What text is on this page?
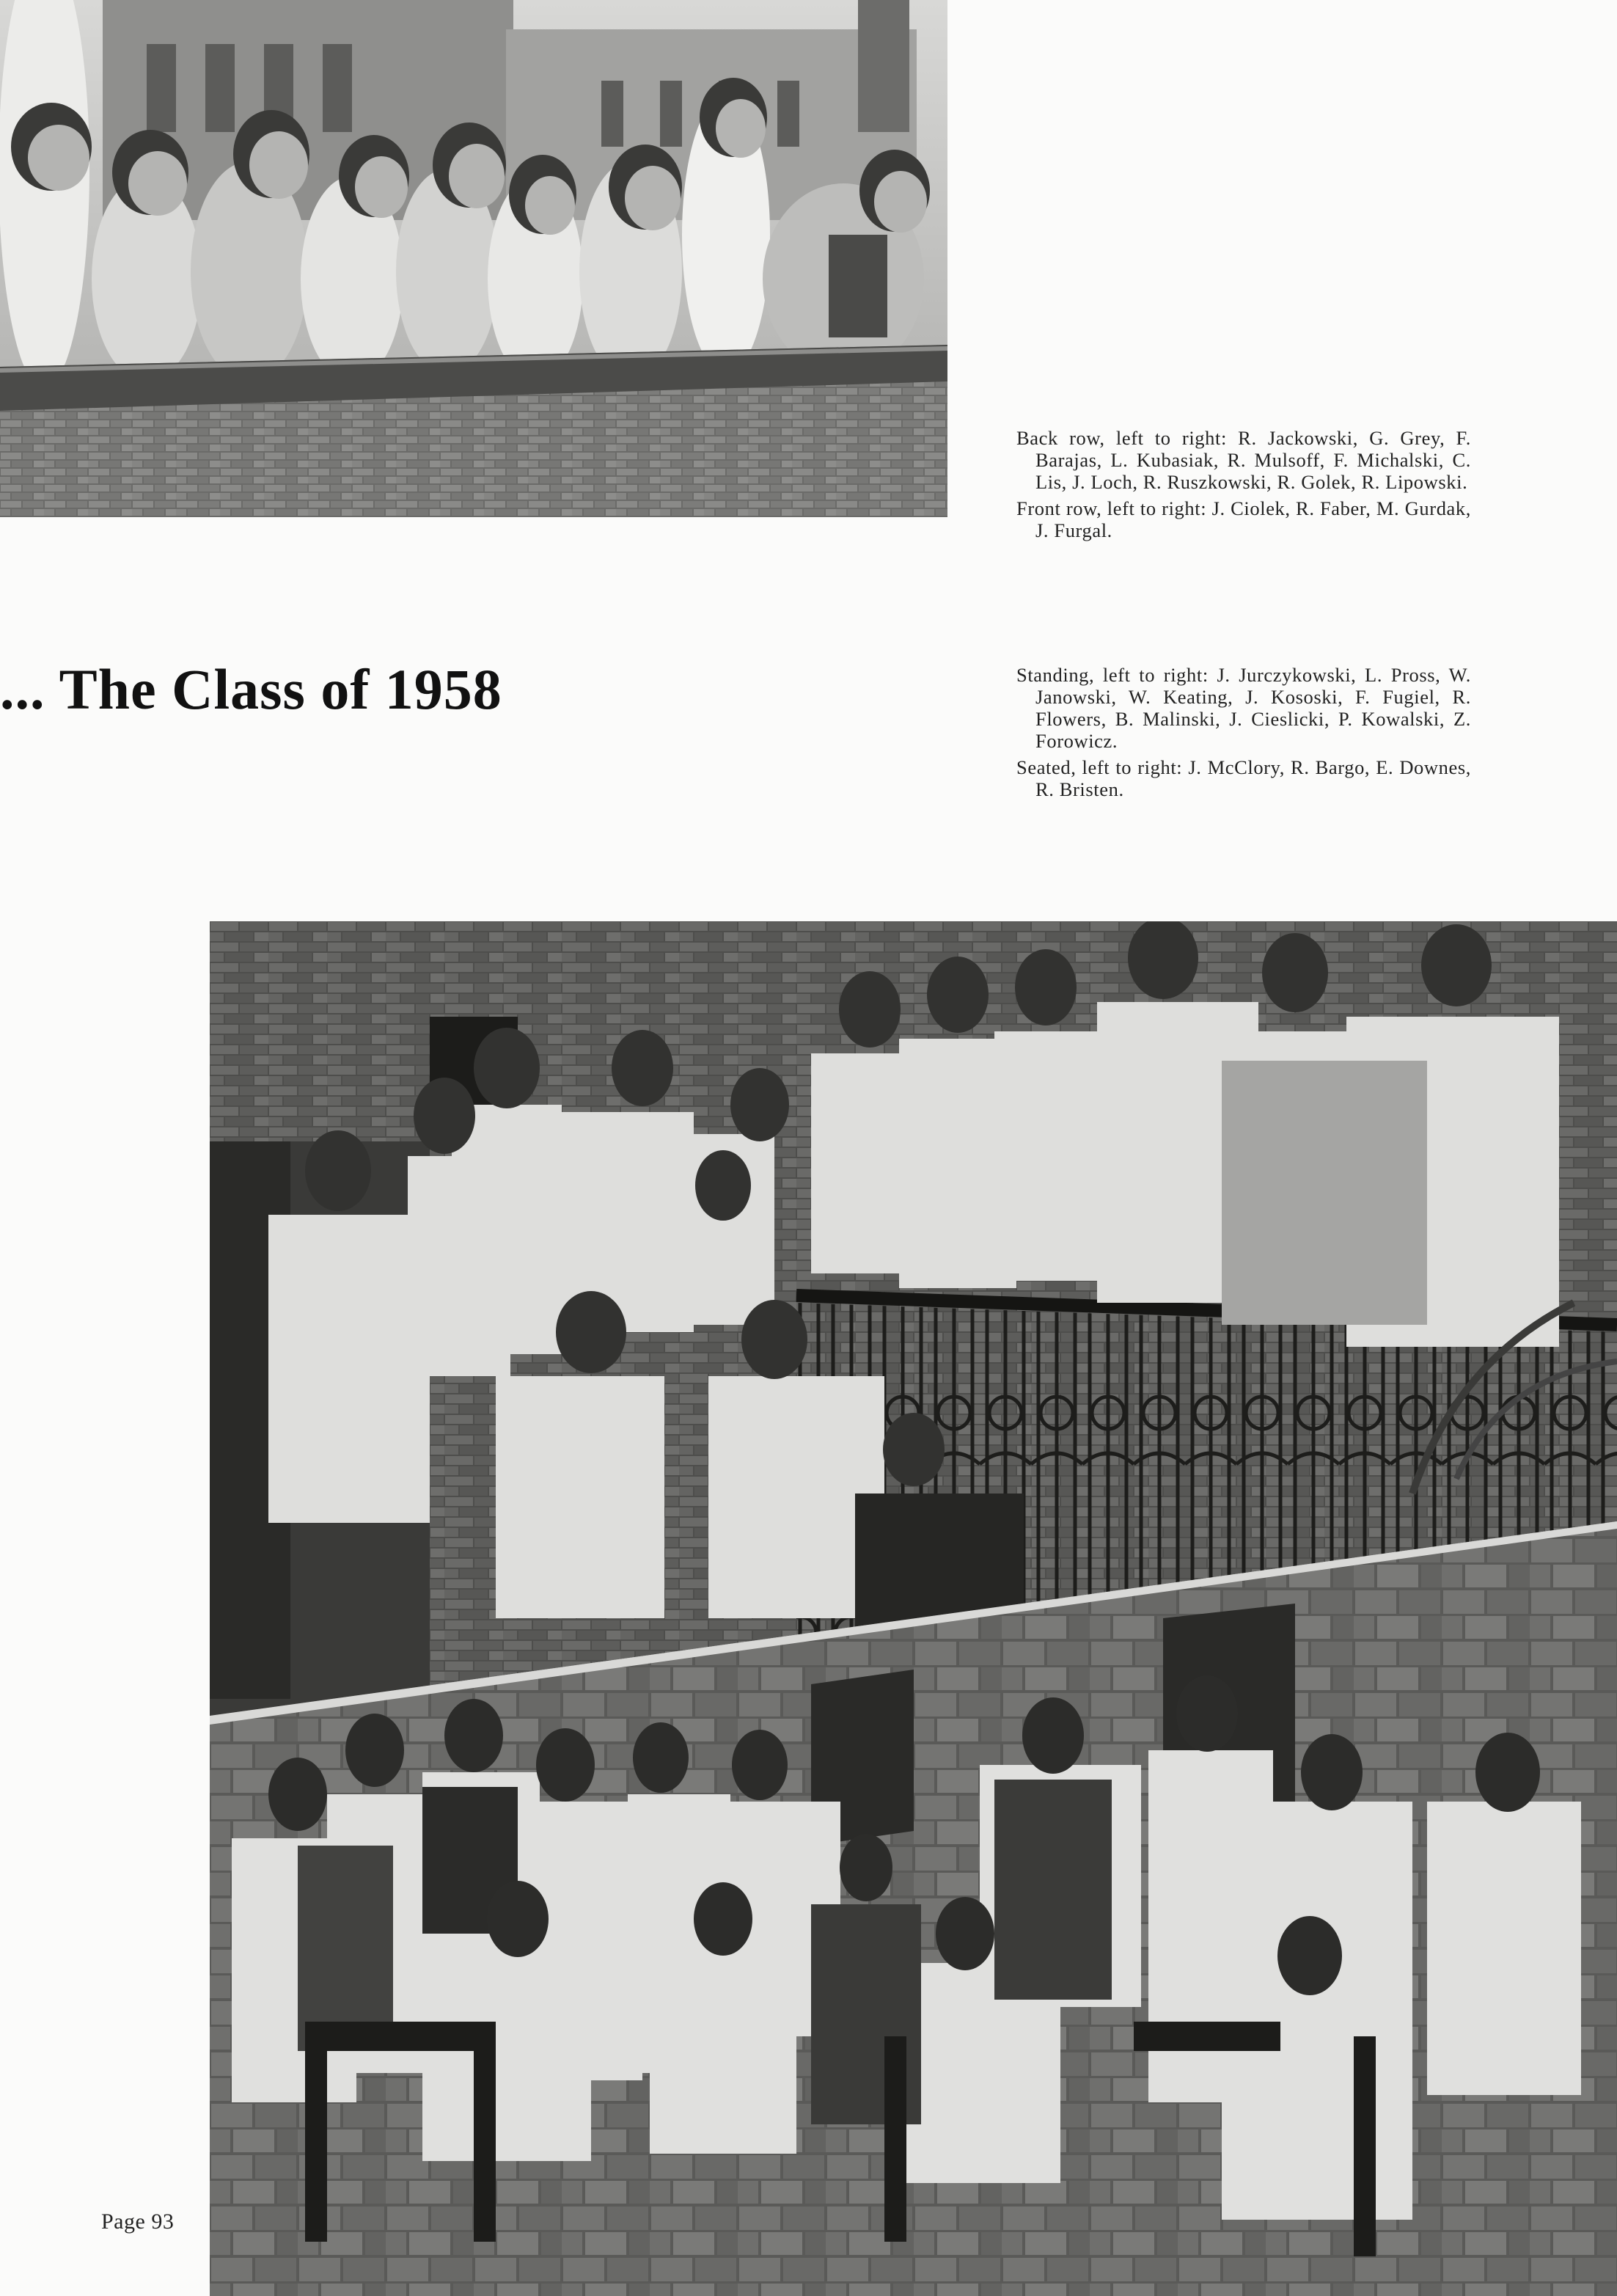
... The Class of 1958

Back row, left to right: R. Jackowski, G. Grey, F. Barajas, L. Kubasiak, R. Mulsoff, F. Michalski, C. Lis, J. Loch, R. Ruszkowski, R. Golek, R. Lipowski.

Front row, left to right: J. Ciolek, R. Faber, M. Gurdak, J. Furgal.

Standing, left to right: J. Jurczykowski, L. Pross, W. Janowski, W. Keating, J. Kososki, F. Fugiel, R. Flowers, B. Malinski, J. Cieslicki, P. Kowalski, Z. Forowicz.

Seated, left to right: J. McClory, R. Bargo, E. Downes, R. Bristen.

Page 93
